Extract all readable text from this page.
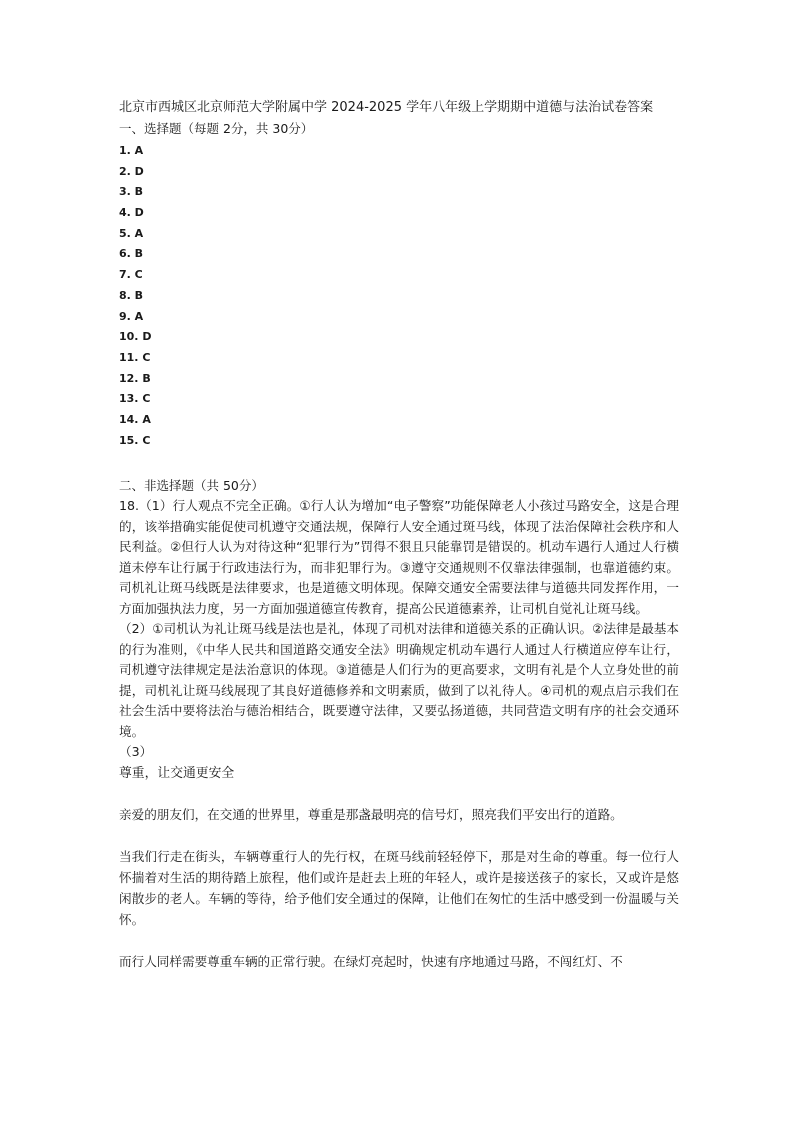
北京市西城区北京师范大学附属中学 2024-2025 学年八年级上学期期中道德与法治试卷答案

一、选择题（每题 2分，共 30分）

1. A
2. D
3. B
4. D
5. A
6. B
7. C
8. B
9. A
10. D
11. C
12. B
13. C
14. A
15. C

二、非选择题（共 50分）

18.（1）行人观点不完全正确。①行人认为增加“电子警察”功能保障老人小孩过马路安全，这是合理的，该举措确实能促使司机遵守交通法规，保障行人安全通过斑马线，体现了法治保障社会秩序和人民利益。②但行人认为对待这种“犯罪行为”罚得不狠且只能靠罚是错误的。机动车遇行人通过人行横道未停车让行属于行政违法行为，而非犯罪行为。③遵守交通规则不仅靠法律强制，也靠道德约束。司机礼让斑马线既是法律要求，也是道德文明体现。保障交通安全需要法律与道德共同发挥作用，一方面加强执法力度，另一方面加强道德宣传教育，提高公民道德素养，让司机自觉礼让斑马线。

（2）①司机认为礼让斑马线是法也是礼，体现了司机对法律和道德关系的正确认识。②法律是最基本的行为准则，《中华人民共和国道路交通安全法》明确规定机动车遇行人通过人行横道应停车让行，司机遵守法律规定是法治意识的体现。③道德是人们行为的更高要求，文明有礼是个人立身处世的前提，司机礼让斑马线展现了其良好道德修养和文明素质，做到了以礼待人。④司机的观点启示我们在社会生活中要将法治与德治相结合，既要遵守法律，又要弘扬道德，共同营造文明有序的社会交通环境。

（3）

尊重，让交通更安全

亲爱的朋友们，在交通的世界里，尊重是那盏最明亮的信号灯，照亮我们平安出行的道路。

当我们行走在街头，车辆尊重行人的先行权，在斑马线前轻轻停下，那是对生命的尊重。每一位行人怀揣着对生活的期待踏上旅程，他们或许是赶去上班的年轻人，或许是接送孩子的家长，又或许是悠闲散步的老人。车辆的等待，给予他们安全通过的保障，让他们在匆忙的生活中感受到一份温暖与关怀。

而行人同样需要尊重车辆的正常行驶。在绿灯亮起时，快速有序地通过马路，不闯红灯、不
